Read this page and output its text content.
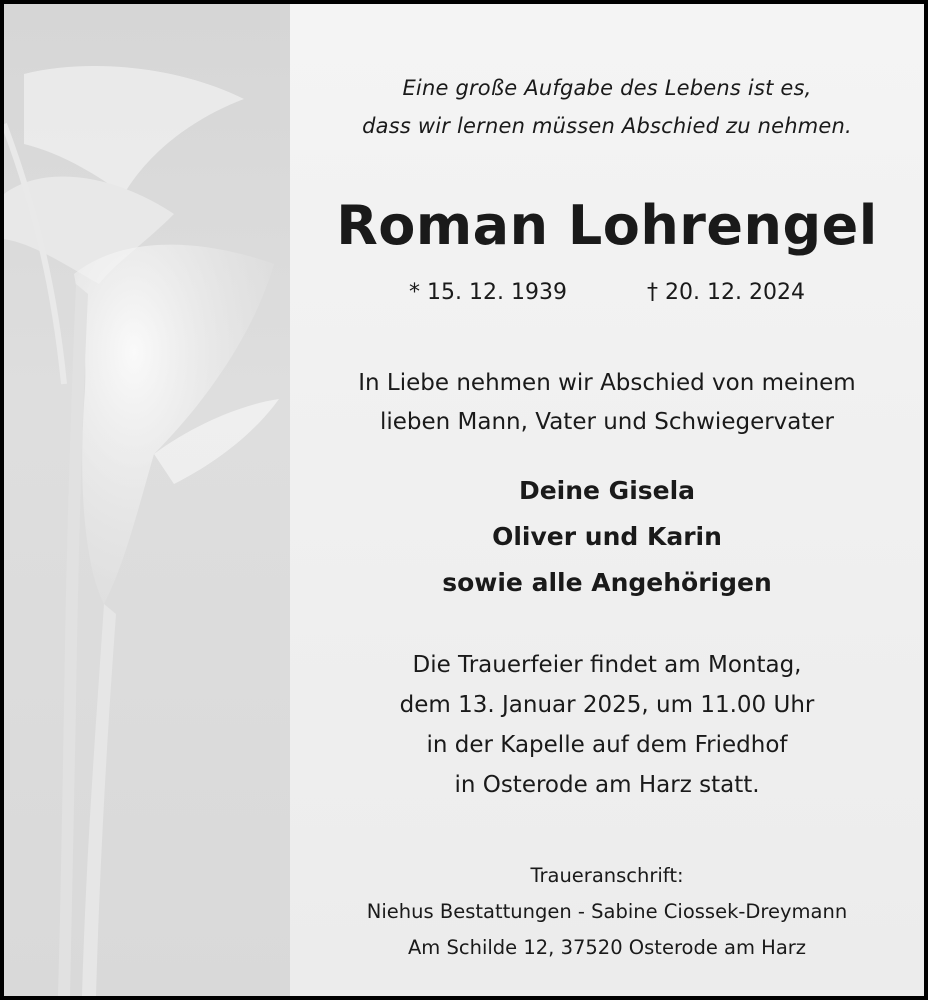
Eine große Aufgabe des Lebens ist es,
dass wir lernen müssen Abschied zu nehmen.
Roman Lohrengel
* 15. 12. 1939	† 20. 12. 2024
In Liebe nehmen wir Abschied von meinem
lieben Mann, Vater und Schwiegervater
Deine Gisela
Oliver und Karin
sowie alle Angehörigen
Die Trauerfeier findet am Montag,
dem 13. Januar 2025, um 11.00 Uhr
in der Kapelle auf dem Friedhof
in Osterode am Harz statt.
Traueranschrift:
Niehus Bestattungen - Sabine Ciossek-Dreymann
Am Schilde 12, 37520 Osterode am Harz
